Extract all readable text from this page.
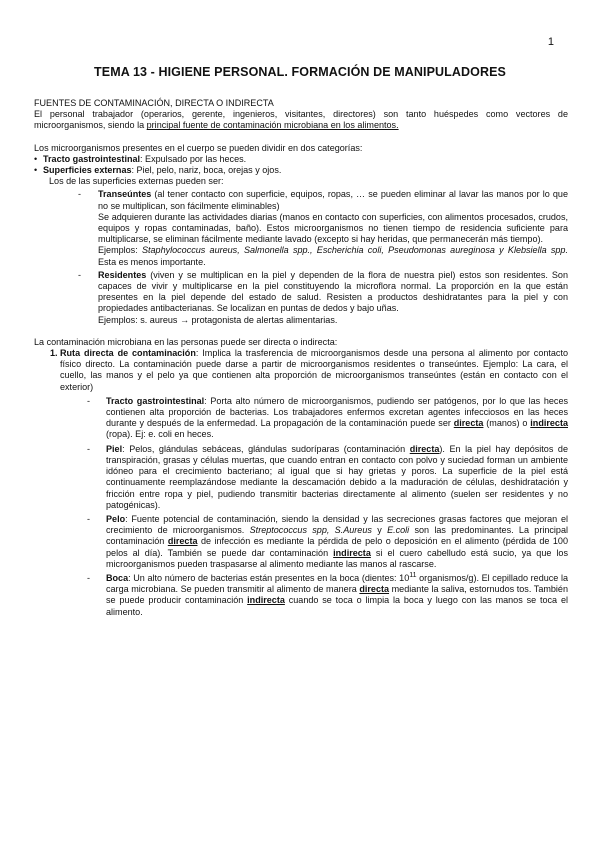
1
TEMA 13 - HIGIENE PERSONAL. FORMACIÓN DE MANIPULADORES

FUENTES DE CONTAMINACIÓN, DIRECTA O INDIRECTA

El personal trabajador (operarios, gerente, ingenieros, visitantes, directores) son tanto huéspedes como vectores de microorganismos, siendo la principal fuente de contaminación microbiana en los alimentos.

Los microorganismos presentes en el cuerpo se pueden dividir en dos categorías:

• Tracto gastrointestinal: Expulsado por las heces.
• Superficies externas: Piel, pelo, nariz, boca, orejas y ojos.

Los de las superficies externas pueden ser:

- Transeúntes (al tener contacto con superficie, equipos, ropas, … se pueden eliminar al lavar las manos por lo que no se multiplican, son fácilmente eliminables)

Se adquieren durante las actividades diarias (manos en contacto con superficies, con alimentos procesados, crudos, equipos y ropas contaminadas, baño). Estos microorganismos no tienen tiempo de residencia suficiente para multiplicarse, se eliminan fácilmente mediante lavado (excepto si hay heridas, que permanecerán más tiempo).

Ejemplos: Staphylococcus aureus, Salmonella spp., Escherichia coli, Pseudomonas aureginosa y Klebsiella spp. Esta es menos importante.

- Residentes (viven y se multiplican en la piel y dependen de la flora de nuestra piel) estos son residentes. Son capaces de vivir y multiplicarse en la piel constituyendo la microflora normal. La proporción en la que están presentes en la piel depende del estado de salud. Resisten a productos deshidratantes para la piel y con propiedades antibacterianas. Se localizan en puntas de dedos y bajo uñas.

Ejemplos: s. aureus → protagonista de alertas alimentarias.

La contaminación microbiana en las personas puede ser directa o indirecta:

1. Ruta directa de contaminación: Implica la trasferencia de microorganismos desde una persona al alimento por contacto físico directo. La contaminación puede darse a partir de microorganismos residentes o transeúntes. Ejemplo: La cara, el cuello, las manos y el pelo ya que contienen alta proporción de microorganismos transeúntes (están en contacto con el exterior)

- Tracto gastrointestinal: Porta alto número de microorganismos, pudiendo ser patógenos, por lo que las heces contienen alta proporción de bacterias. Los trabajadores enfermos excretan agentes infecciosos en las heces durante y después de la enfermedad. La propagación de la contaminación puede ser directa (manos) o indirecta (ropa). Ej: e. coli en heces.

- Piel: Pelos, glándulas sebáceas, glándulas sudoríparas (contaminación directa). En la piel hay depósitos de transpiración, grasas y células muertas, que cuando entran en contacto con polvo y suciedad forman un ambiente idóneo para el crecimiento bacteriano; al igual que si hay grietas y poros. La superficie de la piel está continuamente reemplazándose mediante la descamación debido a la maduración de células, deshidratación y fricción entre ropa y piel, pudiendo transmitir bacterias directamente al alimento (suelen ser residentes y no patogénicas).

- Pelo: Fuente potencial de contaminación, siendo la densidad y las secreciones grasas factores que mejoran el crecimiento de microorganismos. Streptococcus spp, S.Aureus y E.coli son las predominantes. La principal contaminación directa de infección es mediante la pérdida de pelo o deposición en el alimento (pérdida de 100 pelos al día). También se puede dar contaminación indirecta si el cuero cabelludo está sucio, ya que los microorganismos pueden traspasarse al alimento mediante las manos al rascarse.

- Boca: Un alto número de bacterias están presentes en la boca (dientes: $10^{11}$ organismos/g). El cepillado reduce la carga microbiana. Se pueden transmitir al alimento de manera directa mediante la saliva, estornudos tos. También se puede producir contaminación indirecta cuando se toca o limpia la boca y luego con las manos se toca el alimento.
